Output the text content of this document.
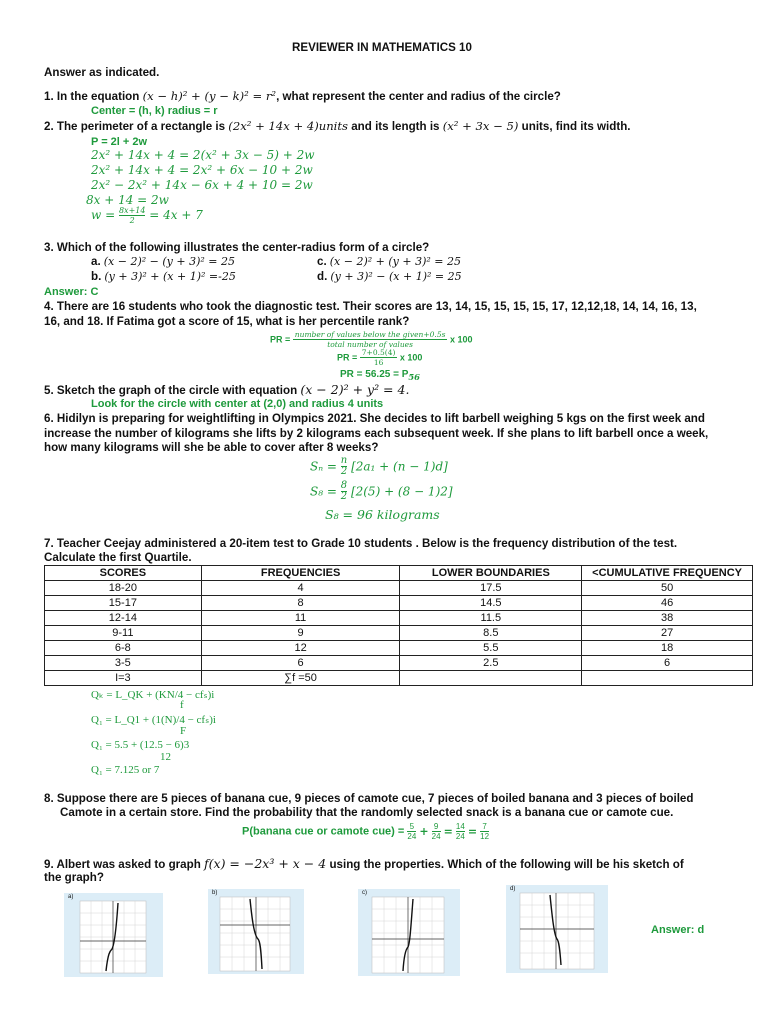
REVIEWER IN MATHEMATICS 10
Answer as indicated.
1. In the equation (x − h)² + (y − k)² = r², what represent the center and radius of the circle?
Center = (h, k) radius = r
2. The perimeter of a rectangle is (2x² + 14x + 4)units and its length is (x² + 3x − 5) units, find its width.
P = 2l + 2w
2x² + 14x + 4 = 2(x² + 3x − 5) + 2w
2x² + 14x + 4 = 2x² + 6x − 10 + 2w
2x² − 2x² + 14x − 6x + 4 + 10 = 2w
8x + 14 = 2w
$w = \frac{8x+14}{2} = 4x + 7$
3. Which of the following illustrates the center-radius form of a circle?
a. (x − 2)² − (y + 3)² = 25	c. (x − 2)² + (y + 3)² = 25
b. (y + 3)² + (x + 1)² =-25	d. (y + 3)² − (x + 1)² = 25
Answer: C
4. There are 16 students who took the diagnostic test. Their scores are 13, 14, 15, 15, 15, 15, 17, 12,12,18, 14, 14, 16, 13,
16, and 18. If Fatima got a score of 15, what is her percentile rank?
PR = number of values below the given+0.5s
total number of values	x 100
PR = $\frac{7+0.5(4)}{16}$ x 100
PR = $56.25 = P_{56}$
5. Sketch the graph of the circle with equation (x − 2)² + y² = 4.
Look for the circle with center at (2,0) and radius 4 units
6. Hidilyn is preparing for weightlifting in Olympics 2021. She decides to lift barbell weighing 5 kgs on the first week and
increase the number of kilograms she lifts by 2 kilograms each subsequent week. If she plans to lift barbell once a week,
how many kilograms will she be able to cover after 8 weeks?
$S_n = \frac{n}{2} [2a_1 + (n - 1)d]$
$S_8 = \frac{8}{2} [2(5) + (8 - 1)2]$
S₈ = 96 kilograms
7. Teacher Ceejay administered a 20-item test to Grade 10 students . Below is the frequency distribution of the test.
Calculate the first Quartile.
SCORES	FREQUENCIES	LOWER BOUNDARIES	<CUMULATIVE FREQUENCY
18-20	4	17.5	50
15-17	8	14.5	46
12-14	11	11.5	38
9-11	9	8.5	27
6-8	12	5.5	18
3-5	6	2.5	6
I=3	∑f =50		
Qₖ = L_QK + (KN/4 − cfₛ)i
f
Q₁ = L_Q1 + (1(N)/4 − cfₛ)i
F
Q₁ = 5.5 + (12.5 − 6)3
12
Q₁ = 7.125 or 7
8. Suppose there are 5 pieces of banana cue, 9 pieces of camote cue, 7 pieces of boiled banana and 3 pieces of boiled
Camote in a certain store. Find the probability that the randomly selected snack is a banana cue or camote cue.
P(banana cue or camote $cue) = \frac{5}{24} + \frac{9}{24} = \frac{14}{24} = \frac{7}{12}$
9. Albert was asked to graph f(x) = −2x³ + x − 4 using the properties. Which of the following will be his sketch of
the graph?
a)
b)	c)
d)
Answer: d
